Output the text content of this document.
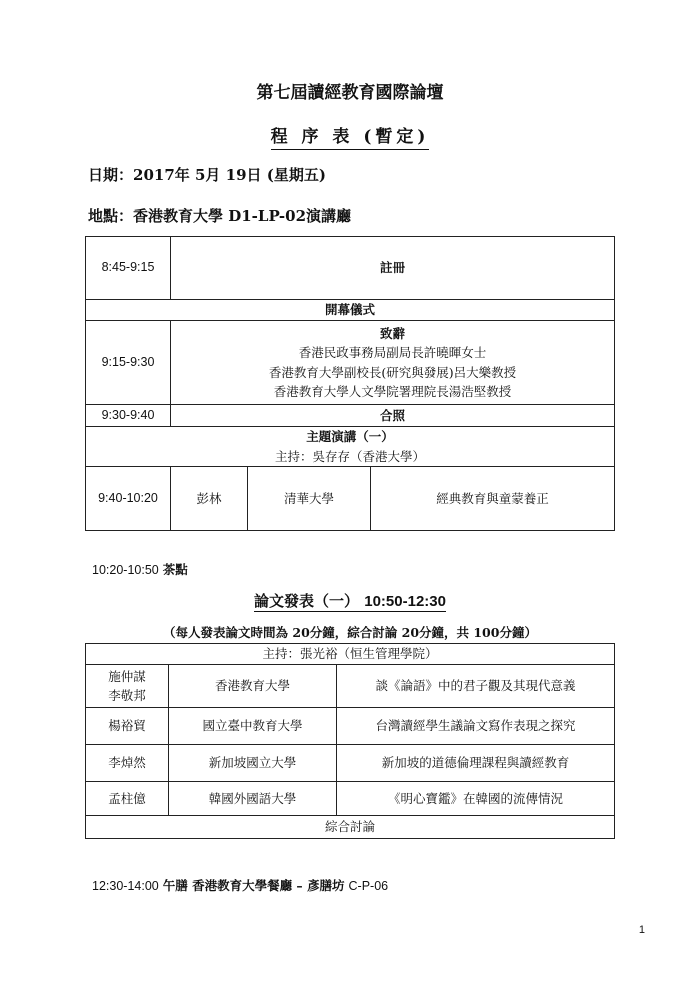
第七屆讀經教育國際論壇
程 序 表 (暫定)
日期：2017年 5月 19日 (星期五)
地點：香港教育大學 D1-LP-02演講廳
8:45-9:15	註冊		
開幕儀式			
9:15-9:30	致辭
香港民政事務局副局長許曉暉女士
香港教育大學副校長(研究與發展)呂大樂教授
香港教育大學人文學院署理院長湯浩堅教授		

9:30-9:40	合照		

主題演講（一）
主持：吳存存（香港大學）			

9:40-10:20	彭林	清華大學	經典教育與童蒙養正
10:20-10:50 茶點
論文發表（一） 10:50-12:30
（每人發表論文時間為 20分鐘，綜合討論 20分鐘，共 100分鐘）
主持：張光裕（恒生管理學院）		

施仲謀
李敬邦	香港教育大學	談《論語》中的君子觀及其現代意義
楊裕貿	國立臺中教育大學	台灣讀經學生議論文寫作表現之探究
李焯然	新加坡國立大學	新加坡的道德倫理課程與讀經教育
孟柱億	韓國外國語大學	《明心寶鑑》在韓國的流傳情況
綜合討論		
12:30-14:00 午膳 香港教育大學餐廳 – 彥膳坊 C-P-06
1
